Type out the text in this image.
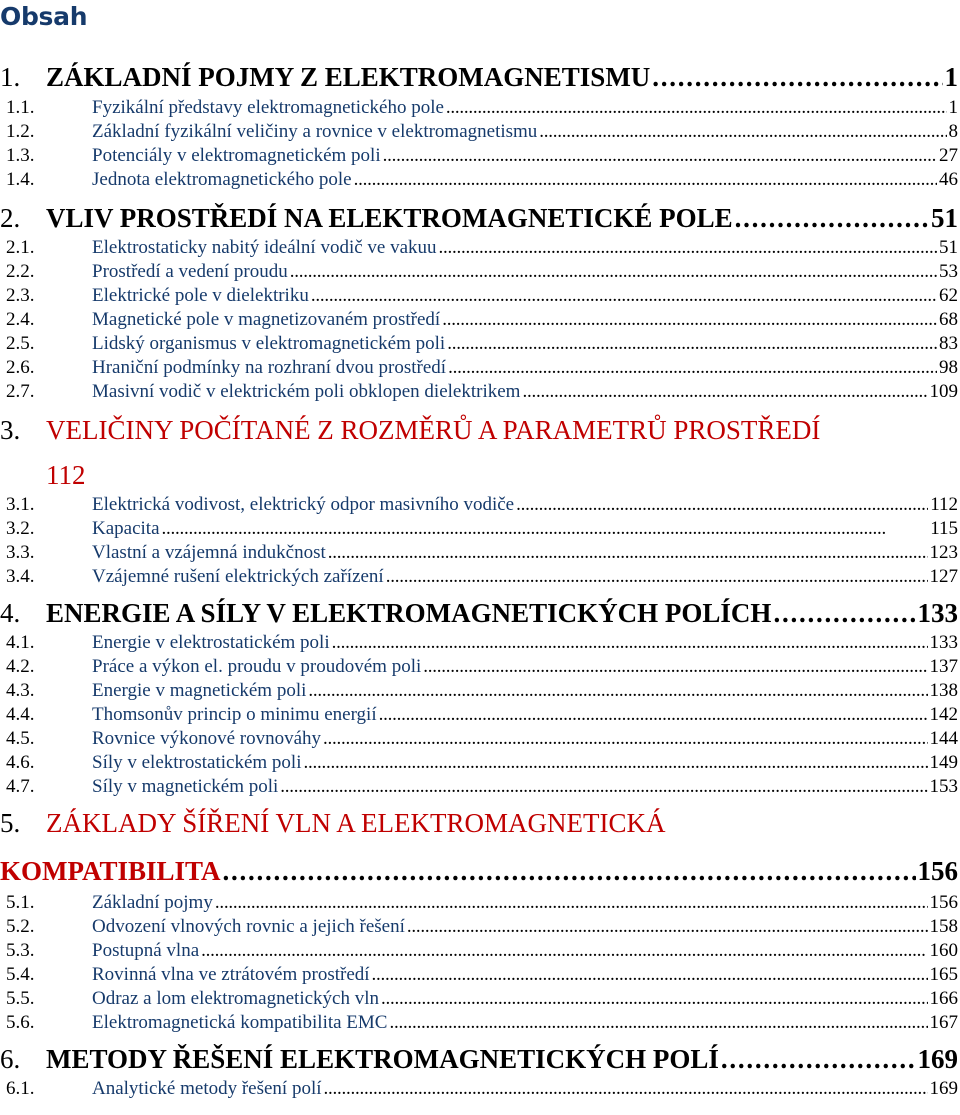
Obsah
1. ZÁKLADNÍ POJMY Z ELEKTROMAGNETISMU . . .	1
1.1.	Fyzikální představy elektromagnetického pole . . .	1
1.2.	Základní fyzikální veličiny a rovnice v elektromagnetismu . . .	8
1.3.	Potenciály v elektromagnetickém poli . . .	27
1.4.	Jednota elektromagnetického pole . . .	46
2. VLIV PROSTŘEDÍ NA ELEKTROMAGNETICKÉ POLE . . .	51
2.1.	Elektrostaticky nabitý ideální vodič ve vakuu . . .	51
2.2.	Prostředí a vedení proudu . . .	53
2.3.	Elektrické pole v dielektriku . . .	62
2.4.	Magnetické pole v magnetizovaném prostředí . . .	68
2.5.	Lidský organismus v elektromagnetickém poli . . .	83
2.6.	Hraniční podmínky na rozhraní dvou prostředí . . .	98
2.7.	Masivní vodič v elektrickém poli obklopen dielektrikem . . .	109
3. VELIČINY POČÍTANÉ Z ROZMĚRŮ A PARAMETRŮ PROSTŘEDÍ
112
3.1.	Elektrická vodivost, elektrický odpor masivního vodiče . . .	112
3.2.	Kapacita . . .	115
3.3.	Vlastní a vzájemná indukčnost . . .	123
3.4.	Vzájemné rušení elektrických zařízení . . .	127
4. ENERGIE A SÍLY V ELEKTROMAGNETICKÝCH POLÍCH . . .	133
4.1.	Energie v elektrostatickém poli . . .	133
4.2.	Práce a výkon el. proudu v proudovém poli . . .	137
4.3.	Energie v magnetickém poli . . .	138
4.4.	Thomsonův princip o minimu energií . . .	142
4.5.	Rovnice výkonové rovnováhy . . .	144
4.6.	Síly v elektrostatickém poli . . .	149
4.7.	Síly v magnetickém poli . . .	153
5. ZÁKLADY ŠÍŘENÍ VLN A ELEKTROMAGNETICKÁ
KOMPATIBILITA . . .	156
5.1.	Základní pojmy . . .	156
5.2.	Odvození vlnových rovnic a jejich řešení . . .	158
5.3.	Postupná vlna . . .	160
5.4.	Rovinná vlna ve ztrátovém prostředí . . .	165
5.5.	Odraz a lom elektromagnetických vln . . .	166
5.6.	Elektromagnetická kompatibilita EMC . . .	167
6. METODY ŘEŠENÍ ELEKTROMAGNETICKÝCH POLÍ . . .	169
6.1.	Analytické metody řešení polí . . .	169
